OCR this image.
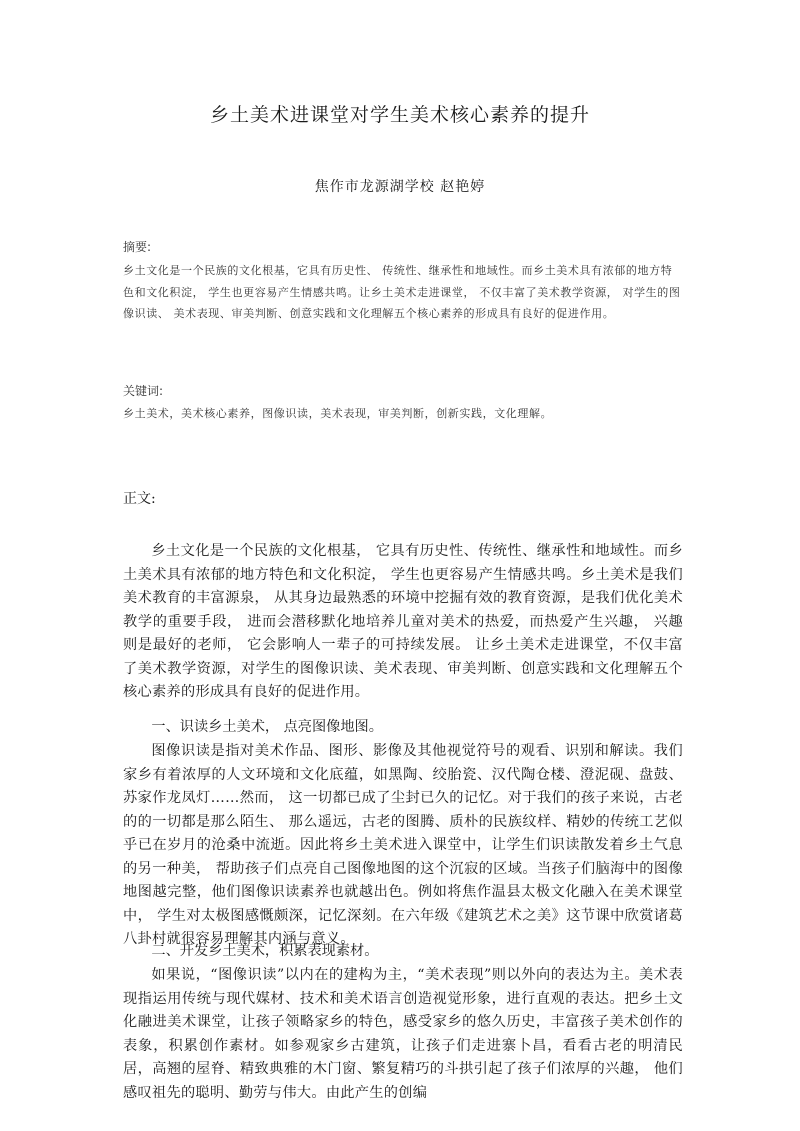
乡土美术进课堂对学生美术核心素养的提升
焦作市龙源湖学校 赵艳婷
摘要:
乡土文化是一个民族的文化根基，它具有历史性、 传统性、继承性和地域性。而乡土美术具有浓郁的地方特色和文化积淀， 学生也更容易产生情感共鸣。让乡土美术走进课堂， 不仅丰富了美术教学资源， 对学生的图像识读、 美术表现、审美判断、创意实践和文化理解五个核心素养的形成具有良好的促进作用。
关键词:
乡土美术，美术核心素养，图像识读，美术表现，审美判断，创新实践，文化理解。
正文:

乡土文化是一个民族的文化根基， 它具有历史性、传统性、继承性和地域性。而乡土美术具有浓郁的地方特色和文化积淀， 学生也更容易产生情感共鸣。乡土美术是我们美术教育的丰富源泉， 从其身边最熟悉的环境中挖掘有效的教育资源，是我们优化美术教学的重要手段， 进而会潜移默化地培养儿童对美术的热爱，而热爱产生兴趣， 兴趣则是最好的老师， 它会影响人一辈子的可持续发展。 让乡土美术走进课堂，不仅丰富了美术教学资源，对学生的图像识读、美术表现、审美判断、创意实践和文化理解五个核心素养的形成具有良好的促进作用。

一、识读乡土美术， 点亮图像地图。

图像识读是指对美术作品、图形、影像及其他视觉符号的观看、识别和解读。我们家乡有着浓厚的人文环境和文化底蕴，如黑陶、绞胎瓷、汉代陶仓楼、澄泥砚、盘鼓、苏家作龙凤灯……然而， 这一切都已成了尘封已久的记忆。对于我们的孩子来说，古老的的一切都是那么陌生、 那么遥远，古老的图腾、质朴的民族纹样、精妙的传统工艺似乎已在岁月的沧桑中流逝。因此将乡土美术进入课堂中，让学生们识读散发着乡土气息的另一种美， 帮助孩子们点亮自己图像地图的这个沉寂的区域。当孩子们脑海中的图像地图越完整，他们图像识读素养也就越出色。例如将焦作温县太极文化融入在美术课堂中， 学生对太极图感慨颇深，记忆深刻。在六年级《建筑艺术之美》这节课中欣赏诸葛八卦村就很容易理解其内涵与意义。

二、开发乡土美术，积累表现素材。

如果说，“图像识读”以内在的建构为主，“美术表现”则以外向的表达为主。美术表现指运用传统与现代媒材、技术和美术语言创造视觉形象，进行直观的表达。把乡土文化融进美术课堂，让孩子领略家乡的特色，感受家乡的悠久历史，丰富孩子美术创作的表象，积累创作素材。如参观家乡古建筑，让孩子们走进寨卜昌，看看古老的明清民居，高翘的屋脊、精致典雅的木门窗、繁复精巧的斗拱引起了孩子们浓厚的兴趣， 他们感叹祖先的聪明、勤劳与伟大。由此产生的创编
